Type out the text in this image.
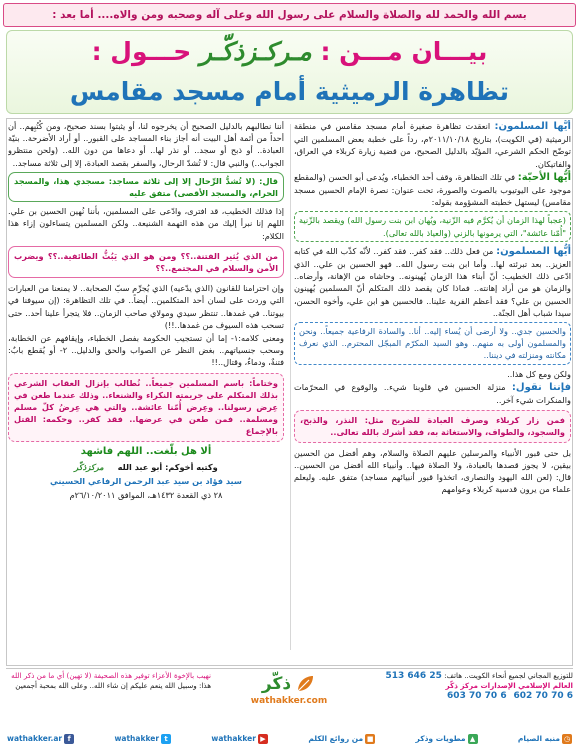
بسم الله والحمد لله والصلاة والسلام على رسول الله وعلى آله وصحبه ومن والاه.... أما بعد :
بيـــان مـــن : مـركـزذكّـر حـــول :
تظاهرة الرميثية أمام مسجد مقامس
أيُّها المسلمون: انعقدت تظاهرة صغيرة أمام مسجد مقامس في منطقة الرميثية (في الكويت)، بتاريخ ٢٠١١/١٠/١٨م، رداً على خطبة بعض المسلمين التي توضّح الحكم الشرعي، المؤيّد بالدليل الصحيح، من قضية زيارة كربلاء في العراق، والفاتيكان.
أيُّها الأحبّة: في تلك التظاهرة، وقف أحد الخطباء، ويُدعى أبو الحسن (والمقطع موجود على اليوتيوب بالصوت والصورة، تحت عنوان: نصرة الإمام الحسين مسجد مقامس) ليستهل خطبته المشؤومة بقوله:
(عجباً لهذا الزمان أن يُكرَّم فيه الزّنية، ويُهان ابن بنت رسول الله) ويقصد بالزّنية "أُمّنا عائشة"، التي يرمونها بالزني (والعياذ بالله تعالى).
أيُّها المسلمون: من فعل ذلك.. فقد كفر.. فقد كفر.. لأنّه كذّب الله في كتابه العزيز.. بعد تبرئته لها.. وأما ابن بنت رسول الله.. فهو الحسين بن علي.. الذي ادّعى ذلك الخطيب: أنّ أبناء هذا الزمان يُهينونه.. وحاشاه من الإهانة، وأرضاه.. والزمان هو من أراد إهانته.. فماذا كان يقصد ذلك المتكلم أنّ المسلمين يُهينون الحسين بن علي؟ فقد أعظم الفرية علينا.. فالحسين هو ابن علي، وأخوه الحسن، سيدا شباب أهل الجنّة..
والحسين جدي.. ولا أرضى أن يُساء إليه.. أنا.. والسادة الرفاعية جميعاً.. ونحن والمسلمون أولى به منهم.. وهو السيد المكرّم المبجّل المحترم.. الذي نعرف مكانته ومنزلته في ديننا..
ولكن ومع كل هذا..
فإننا نقول: منزلة الحسين في قلوبنا شيء.. والوقوع في المحرّمات والمنكرات شيء آخر..
فمن زار كربلاء وصرف العبادة للضريح مثل: النذر، والذبح، والسجود، والطواف، والاستغاثة به، فقد أشرك بالله تعالى..
بل حتى قبور الأنبياء والمرسلين عليهم الصلاة والسلام، وهم أفضل من الحسين بيقين، لا يجوز قصدها بالعبادة، ولا الصلاة فيها.. وأنبياء الله أفضل من الحسين.. قال: (لعن الله اليهود والنصارى، اتخذوا قبور أنبيائهم مساجد) متفق عليه. وليعلم علماء من يرون قدسية كربلاء وعوامهم
أننا نطالبهم بالدليل الصحيح أن يخرجوه لنا، أو يثبتوا بسند صحيح، ومن كُتُبِهم.. أن أحداً من أئمة أهل البيت أنه أجاز بناء المساجد على القبور.. أو أراد الأضرحة.. بنيّة العبادة.. أو ذبح أو سجد.. أو نذر لها.. أو دعاها من دون الله.. (ولحن منتظرو الجواب..) والنبي قال: لا تُشدّ الرحال، والسفر بقصد العبادة، إلا إلى ثلاثة مساجد..
قال: (لا تُشدُّ الرِّحال إلا إلى ثلاثة مساجد: مسجدي هذا، والمسجد الحرام، والمسجد الأقصى) متفق عليه
إذا فذلك الخطيب، قد افترى، وادّعى على المسلمين، بأننا نُهين الحسين بن علي. اللهم إنا نبرأ إليك من هذه التهمة الشنيعة.. ولكن المسلمين يتساءلون إزاء هذا الكلام:
من الذي يُثير الفتنة..؟؟ ومن هو الذي يَبُثُّ الطائفية..؟؟ ويضرب الأمن والسلام في المجتمع..؟؟
وإن احترامنا للقانون (الذي يدّعيه) الذي يُجرِّم سبّ الصحابة.. لا يمنعنا من العبارات التي وردت على لسان أحد المتكلمين.. أيضاً.. في تلك التظاهرة: (إن سيوفنا في بيوتنا.. في غمدها.. تنتظر سيدي ومولاي صاحب الزمان.. فلا يتجرأ علينا أحد.. حتى تسحب هذه السيوف من غمدها..!!)
ومعنى كلامه:١- إما أن تستجيب الحكومة بفصل الخطباء، وإيقافهم عن الخطابة، وسحب جنسياتهم.. بغض النظر عن الصواب والحق والدليل.. ٢- أو يُقطع بابٌ: فتنةٌ، ودماءٌ، وقتال..!!
وختاماً: باسم المسلمين جميعاً.. نُطالب بإنزال العقاب الشرعي بذلك المتكلم على جريمته النكراء والشنعاء.. وذلك عندما طعن في عِرض رسولنا.. وعِرض أُمّنا عائشة.. والتي هي عِرضُ كلّ مسلم ومسلمة.. فمن طعن في عرضها.. فقد كفر.. وحكمه: القتل بالإجماع
ألا هل بلّغت.. اللهم فاشهد
وكتبه أخوكم: أبو عبد الله
مركزذكّر
سيد فؤاد بن سيد عبد الرحمن الرفاعي الحسيني
٢٨ ذي القعدة ١٤٣٢هـ، الموافق ٢٦/١٠/٢٠١١م
للتوزيع المجاني لجميع أنحاء الكويت.. هاتف: 25 646 513
العالم الإسلامي الإصدارات مركز ذكّر
6 70 70 602   6 70 70 603
ذكّر
wathakker.com
نهيب بالإخوة الأعزاء توفير هذه الصحيفة (لا تهين) أي ما من ذكر الله
هذا: وسبيل الله ينعم عليكم إن شاء الله.. وعلى الله بمحبة أجمعين
◷
منبه الصيام
▲
مطويات وذكر
■
من روائع الكلم
▶
wathakker
t
wathakker
f
wathakker.ar
